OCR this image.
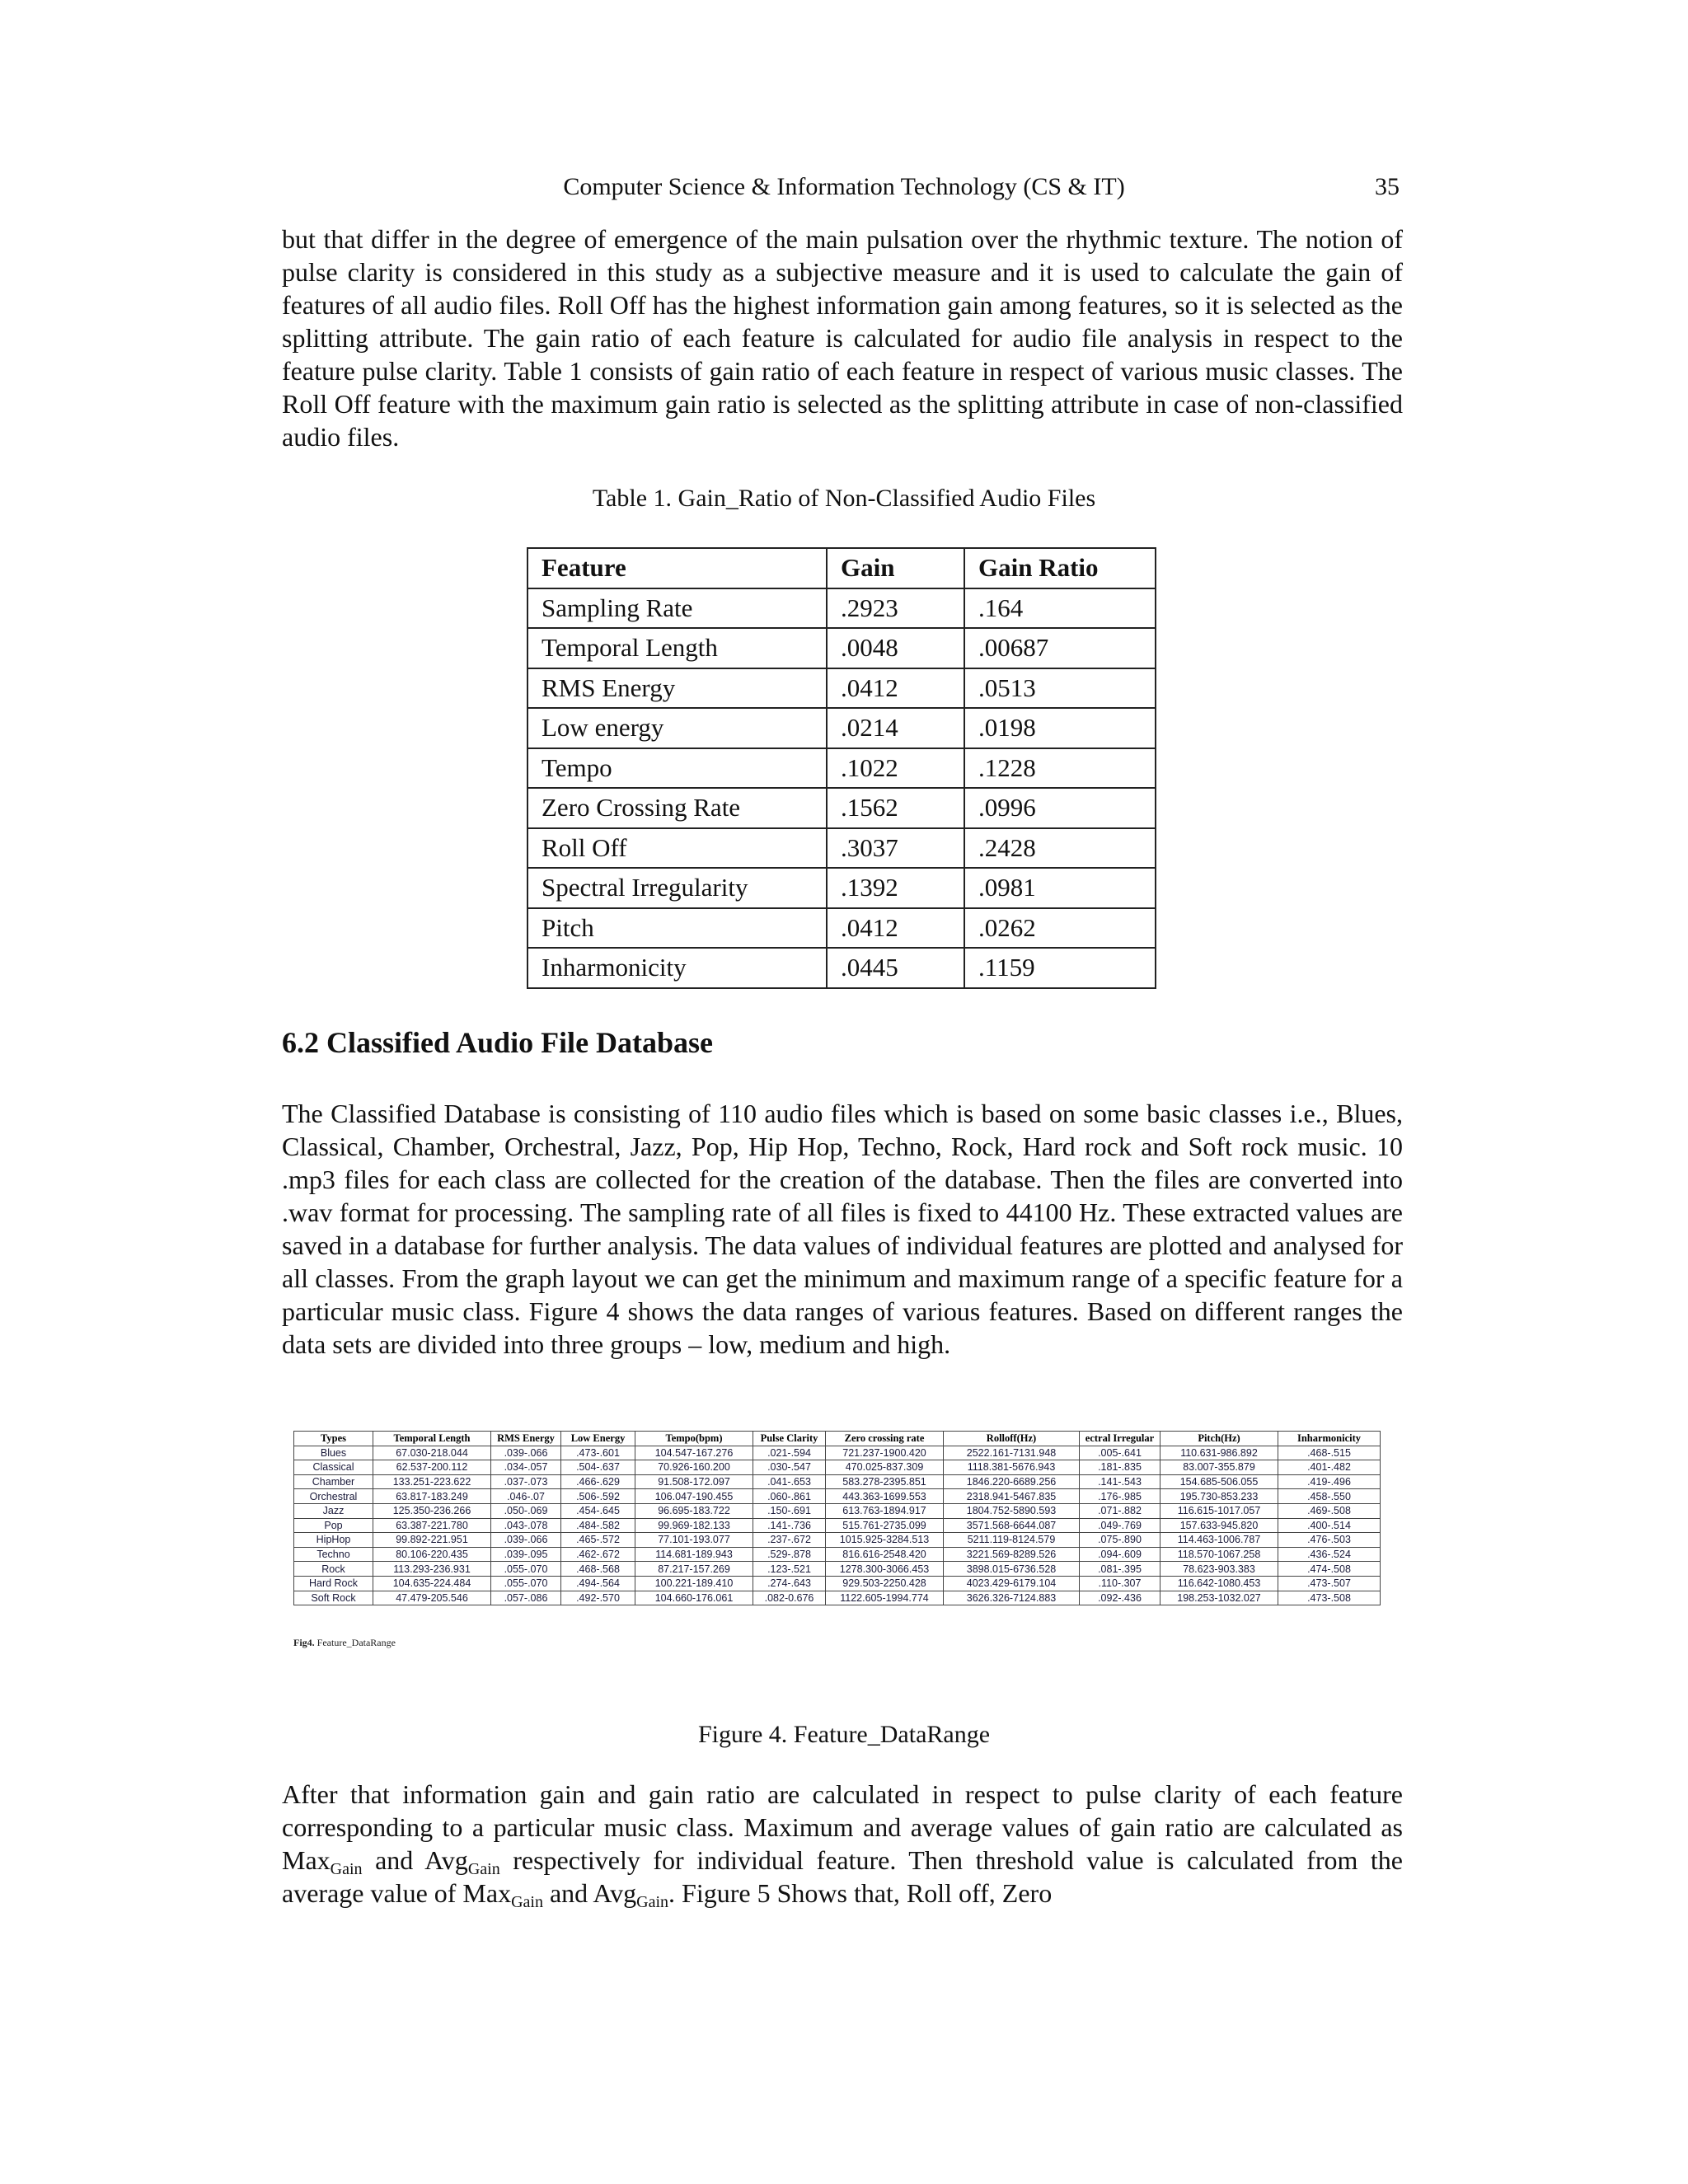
Computer Science & Information Technology (CS & IT)	35

but that differ in the degree of emergence of the main pulsation over the rhythmic texture. The notion of pulse clarity is considered in this study as a subjective measure and it is used to calculate the gain of features of all audio files. Roll Off has the highest information gain among features, so it is selected as the splitting attribute. The gain ratio of each feature is calculated for audio file analysis in respect to the feature pulse clarity. Table 1 consists of gain ratio of each feature in respect of various music classes. The Roll Off feature with the maximum gain ratio is selected as the splitting attribute in case of non-classified audio files.

Table 1. Gain_Ratio of Non-Classified Audio Files
Feature	Gain	Gain Ratio
Sampling Rate	.2923	.164
Temporal Length	.0048	.00687
RMS Energy	.0412	.0513
Low energy	.0214	.0198
Tempo	.1022	.1228
Zero Crossing Rate	.1562	.0996
Roll Off	.3037	.2428
Spectral Irregularity	.1392	.0981
Pitch	.0412	.0262
Inharmonicity	.0445	.1159
6.2 Classified Audio File Database

The Classified Database is consisting of 110 audio files which is based on some basic classes i.e., Blues, Classical, Chamber, Orchestral, Jazz, Pop, Hip Hop, Techno, Rock, Hard rock and Soft rock music. 10 .mp3 files for each class are collected for the creation of the database. Then the files are converted into .wav format for processing. The sampling rate of all files is fixed to 44100 Hz. These extracted values are saved in a database for further analysis. The data values of individual features are plotted and analysed for all classes. From the graph layout we can get the minimum and maximum range of a specific feature for a particular music class. Figure 4 shows the data ranges of various features. Based on different ranges the data sets are divided into three groups – low, medium and high.

Types	Temporal Length	RMS Energy	Low Energy	Tempo(bpm)	Pulse Clarity	Zero crossing rate	Rolloff(Hz)	ectral Irregular	Pitch(Hz)	Inharmonicity
Blues	67.030-218.044	.039-.066	.473-.601	104.547-167.276	.021-.594	721.237-1900.420	2522.161-7131.948	.005-.641	110.631-986.892	.468-.515
Classical	62.537-200.112	.034-.057	.504-.637	70.926-160.200	.030-.547	470.025-837.309	1118.381-5676.943	.181-.835	83.007-355.879	.401-.482
Chamber	133.251-223.622	.037-.073	.466-.629	91.508-172.097	.041-.653	583.278-2395.851	1846.220-6689.256	.141-.543	154.685-506.055	.419-.496
Orchestral	63.817-183.249	.046-.07	.506-.592	106.047-190.455	.060-.861	443.363-1699.553	2318.941-5467.835	.176-.985	195.730-853.233	.458-.550
Jazz	125.350-236.266	.050-.069	.454-.645	96.695-183.722	.150-.691	613.763-1894.917	1804.752-5890.593	.071-.882	116.615-1017.057	.469-.508
Pop	63.387-221.780	.043-.078	.484-.582	99.969-182.133	.141-.736	515.761-2735.099	3571.568-6644.087	.049-.769	157.633-945.820	.400-.514
HipHop	99.892-221.951	.039-.066	.465-.572	77.101-193.077	.237-.672	1015.925-3284.513	5211.119-8124.579	.075-.890	114.463-1006.787	.476-.503
Techno	80.106-220.435	.039-.095	.462-.672	114.681-189.943	.529-.878	816.616-2548.420	3221.569-8289.526	.094-.609	118.570-1067.258	.436-.524
Rock	113.293-236.931	.055-.070	.468-.568	87.217-157.269	.123-.521	1278.300-3066.453	3898.015-6736.528	.081-.395	78.623-903.383	.474-.508
Hard Rock	104.635-224.484	.055-.070	.494-.564	100.221-189.410	.274-.643	929.503-2250.428	4023.429-6179.104	.110-.307	116.642-1080.453	.473-.507
Soft Rock	47.479-205.546	.057-.086	.492-.570	104.660-176.061	.082-0.676	1122.605-1994.774	3626.326-7124.883	.092-.436	198.253-1032.027	.473-.508
Fig4. Feature_DataRange
Figure 4. Feature_DataRange

After that information gain and gain ratio are calculated in respect to pulse clarity of each feature corresponding to a particular music class. Maximum and average values of gain ratio are calculated as Max$_{Gain}$ and Avg$_{Gain}$ respectively for individual feature. Then threshold value is calculated from the average value of Max$_{Gain}$ and Avg$_{Gain}$. Figure 5 Shows that, Roll off, Zero
